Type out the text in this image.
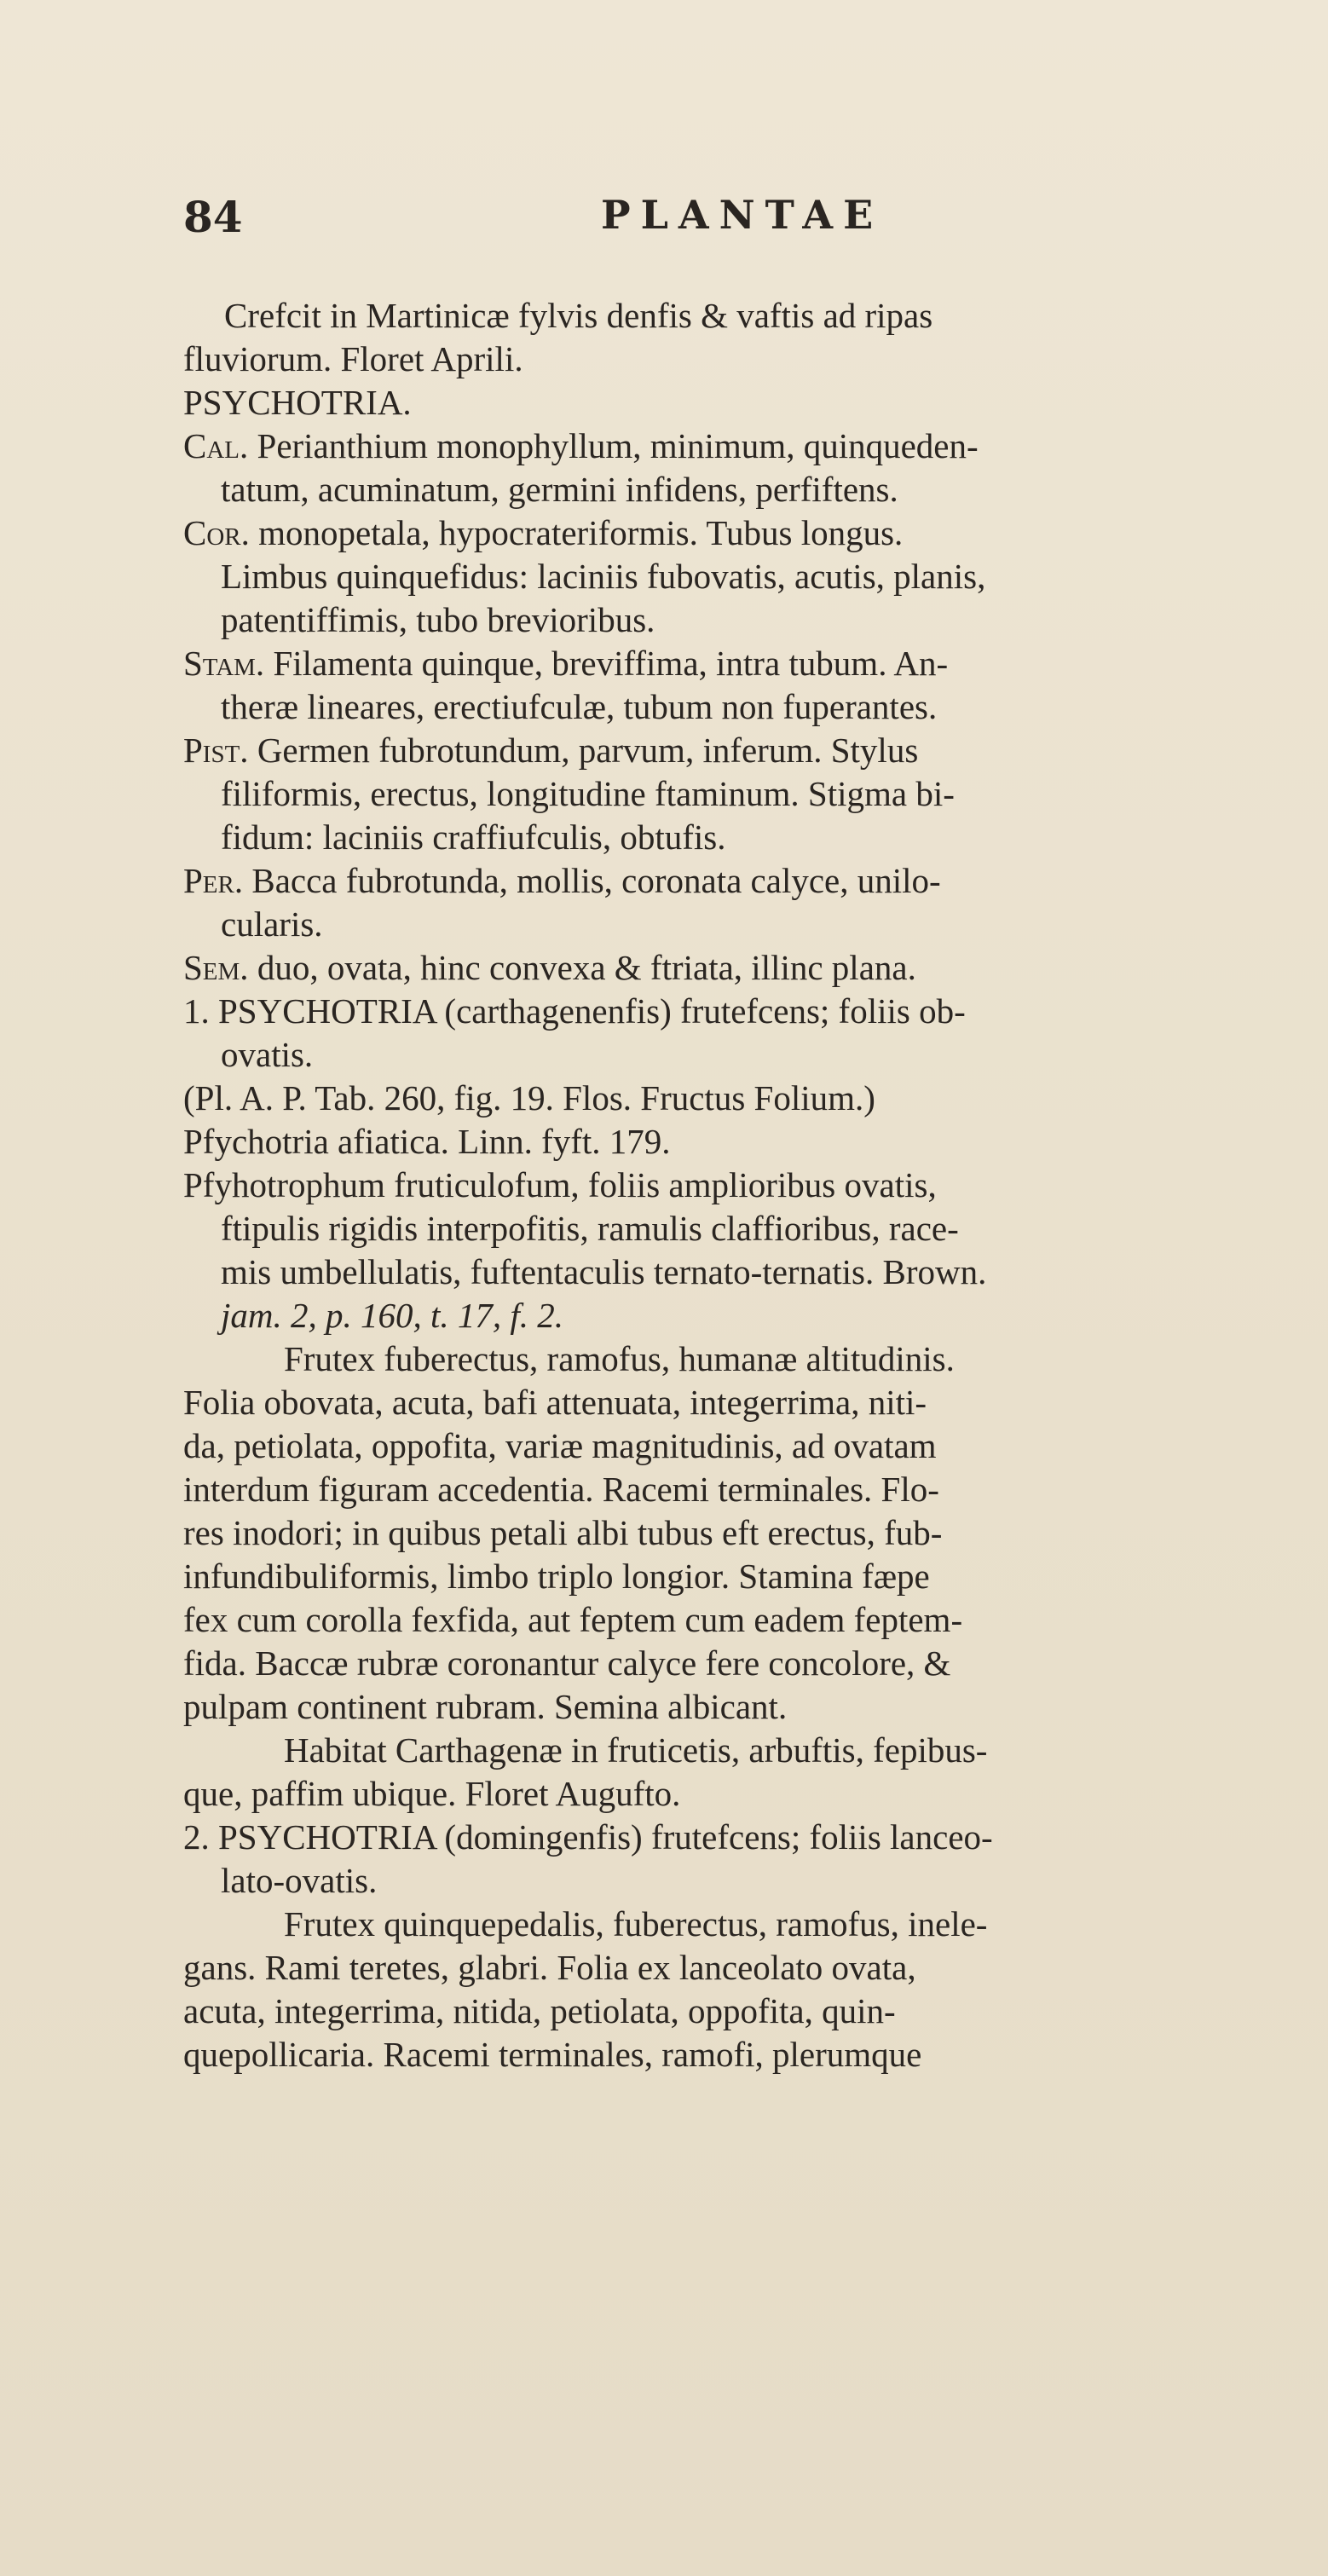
84	PLANTAE
Crefcit in Martinicæ fylvis denfis & vaftis ad ripas
fluviorum. Floret Aprili.
PSYCHOTRIA.
Cal. Perianthium monophyllum, minimum, quinqueden-
tatum, acuminatum, germini infidens, perfiftens.
Cor. monopetala, hypocrateriformis. Tubus longus.
Limbus quinquefidus: laciniis fubovatis, acutis, planis,
patentiffimis, tubo brevioribus.
Stam. Filamenta quinque, breviffima, intra tubum. An-
theræ lineares, erectiufculæ, tubum non fuperantes.
Pist. Germen fubrotundum, parvum, inferum. Stylus
filiformis, erectus, longitudine ftaminum. Stigma bi-
fidum: laciniis craffiufculis, obtufis.
Per. Bacca fubrotunda, mollis, coronata calyce, unilo-
cularis.
Sem. duo, ovata, hinc convexa & ftriata, illinc plana.
1. PSYCHOTRIA (carthagenenfis) frutefcens; foliis ob-
ovatis.
(Pl. A. P. Tab. 260, fig. 19. Flos. Fructus Folium.)
Pfychotria afiatica. Linn. fyft. 179.
Pfyhotrophum fruticulofum, foliis amplioribus ovatis,
ftipulis rigidis interpofitis, ramulis claffioribus, race-
mis umbellulatis, fuftentaculis ternato-ternatis. Brown.
jam. 2, p. 160, t. 17, f. 2.
Frutex fuberectus, ramofus, humanæ altitudinis.
Folia obovata, acuta, bafi attenuata, integerrima, niti-
da, petiolata, oppofita, variæ magnitudinis, ad ovatam
interdum figuram accedentia. Racemi terminales. Flo-
res inodori; in quibus petali albi tubus eft erectus, fub-
infundibuliformis, limbo triplo longior. Stamina fæpe
fex cum corolla fexfida, aut feptem cum eadem feptem-
fida. Baccæ rubræ coronantur calyce fere concolore, &
pulpam continent rubram. Semina albicant.
Habitat Carthagenæ in fruticetis, arbuftis, fepibus-
que, paffim ubique. Floret Augufto.
2. PSYCHOTRIA (domingenfis) frutefcens; foliis lanceo-
lato-ovatis.
Frutex quinquepedalis, fuberectus, ramofus, inele-
gans. Rami teretes, glabri. Folia ex lanceolato ovata,
acuta, integerrima, nitida, petiolata, oppofita, quin-
quepollicaria. Racemi terminales, ramofi, plerumque
